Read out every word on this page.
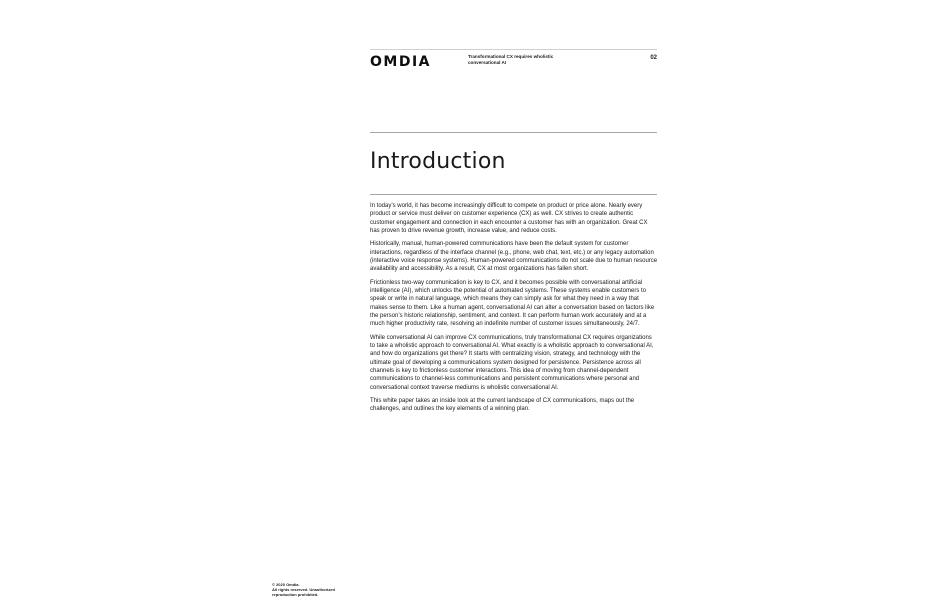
OMDIA	Transformational CX requires wholistic conversational AI
02
Introduction

In today’s world, it has become increasingly difficult to compete on product or price alone. Nearly every product or service must deliver on customer experience (CX) as well. CX strives to create authentic customer engagement and connection in each encounter a customer has with an organization. Great CX has proven to drive revenue growth, increase value, and reduce costs.

Historically, manual, human-powered communications have been the default system for customer interactions, regardless of the interface channel (e.g., phone, web chat, text, etc.) or any legacy automation (interactive voice response systems). Human-powered communications do not scale due to human resource availability and accessibility. As a result, CX at most organizations has fallen short.

Frictionless two-way communication is key to CX, and it becomes possible with conversational artificial intelligence (AI), which unlocks the potential of automated systems. These systems enable customers to speak or write in natural language, which means they can simply ask for what they need in a way that makes sense to them. Like a human agent, conversational AI can alter a conversation based on factors like the person’s historic relationship, sentiment, and context. It can perform human work accurately and at a much higher productivity rate, resolving an indefinite number of customer issues simultaneously, 24/7.

While conversational AI can improve CX communications, truly transformational CX requires organizations to take a wholistic approach to conversational AI. What exactly is a wholistic approach to conversational AI, and how do organizations get there? It starts with centralizing vision, strategy, and technology with the ultimate goal of developing a communications system designed for persistence. Persistence across all channels is key to frictionless customer interactions. This idea of moving from channel-dependent communications to channel-less communications and persistent communications where personal and conversational context traverse mediums is wholistic conversational AI.

This white paper takes an inside look at the current landscape of CX communications, maps out the challenges, and outlines the key elements of a winning plan.

© 2020 Omdia.
All rights reserved. Unauthorized reproduction prohibited.
